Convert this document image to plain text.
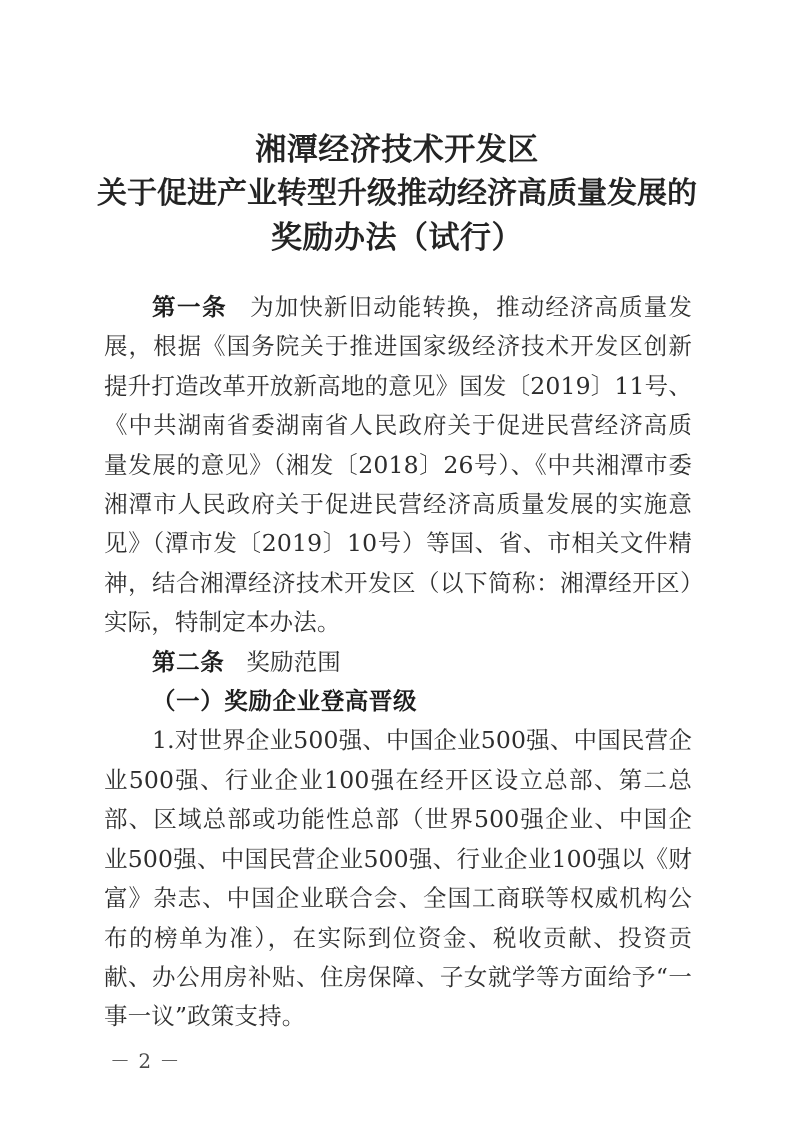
湘潭经济技术开发区
关于促进产业转型升级推动经济高质量发展的
奖励办法（试行）

第一条 为加快新旧动能转换，推动经济高质量发展，根据《国务院关于推进国家级经济技术开发区创新提升打造改革开放新高地的意见》国发〔2019〕11号、《中共湖南省委湖南省人民政府关于促进民营经济高质量发展的意见》（湘发〔2018〕26号）、《中共湘潭市委湘潭市人民政府关于促进民营经济高质量发展的实施意见》（潭市发〔2019〕10号）等国、省、市相关文件精神，结合湘潭经济技术开发区（以下简称：湘潭经开区）实际，特制定本办法。

第二条 奖励范围

（一）奖励企业登高晋级

1.对世界企业500强、中国企业500强、中国民营企业500强、行业企业100强在经开区设立总部、第二总部、区域总部或功能性总部（世界500强企业、中国企业500强、中国民营企业500强、行业企业100强以《财富》杂志、中国企业联合会、全国工商联等权威机构公布的榜单为准），在实际到位资金、税收贡献、投资贡献、办公用房补贴、住房保障、子女就学等方面给予“一事一议”政策支持。

－ 2 －
